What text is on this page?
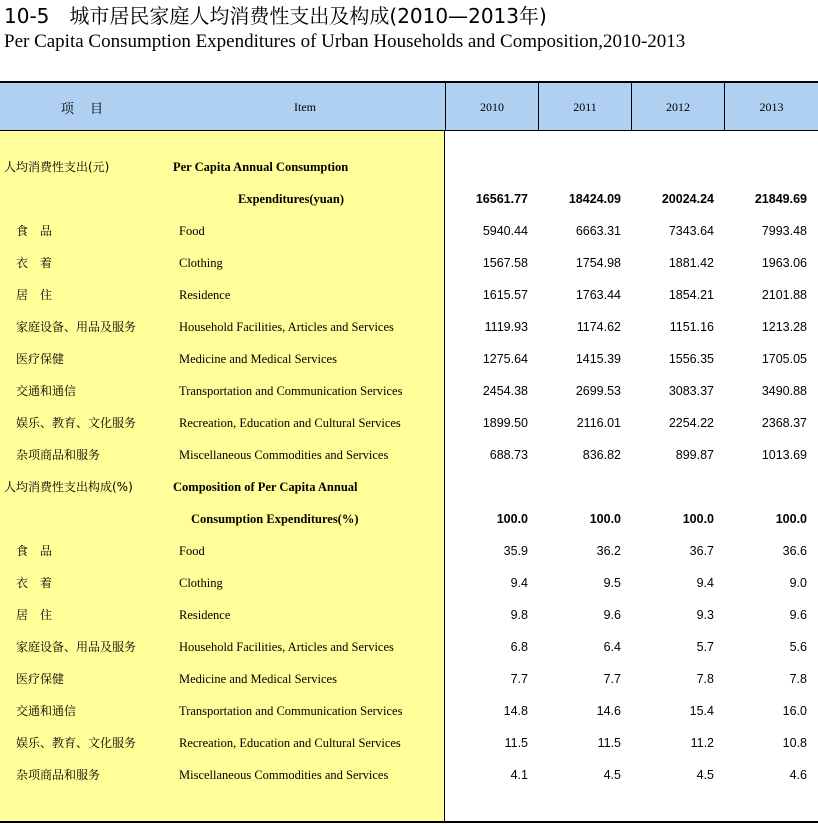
10-5　城市居民家庭人均消费性支出及构成(2010—2013年)
Per Capita Consumption Expenditures of Urban Households and Composition,2010-2013
项 目	Item	2010	2011	2012	2013
人均消费性支出(元)	Per Capita Annual Consumption
Expenditures(yuan)	16561.77	18424.09	20024.24	21849.69
食　品	Food	5940.44	6663.31	7343.64	7993.48
衣　着	Clothing	1567.58	1754.98	1881.42	1963.06
居　住	Residence	1615.57	1763.44	1854.21	2101.88
家庭设备、用品及服务	Household Facilities, Articles and Services	1119.93	1174.62	1151.16	1213.28
医疗保健	Medicine and Medical Services	1275.64	1415.39	1556.35	1705.05
交通和通信	Transportation and Communication Services	2454.38	2699.53	3083.37	3490.88
娱乐、教育、文化服务	Recreation, Education and Cultural Services	1899.50	2116.01	2254.22	2368.37
杂项商品和服务	Miscellaneous Commodities and Services	688.73	836.82	899.87	1013.69
人均消费性支出构成(%)	Composition of Per Capita Annual
Consumption Expenditures(%)	100.0	100.0	100.0	100.0
食　品	Food	35.9	36.2	36.7	36.6
衣　着	Clothing	9.4	9.5	9.4	9.0
居　住	Residence	9.8	9.6	9.3	9.6
家庭设备、用品及服务	Household Facilities, Articles and Services	6.8	6.4	5.7	5.6
医疗保健	Medicine and Medical Services	7.7	7.7	7.8	7.8
交通和通信	Transportation and Communication Services	14.8	14.6	15.4	16.0
娱乐、教育、文化服务	Recreation, Education and Cultural Services	11.5	11.5	11.2	10.8
杂项商品和服务	Miscellaneous Commodities and Services	4.1	4.5	4.5	4.6
